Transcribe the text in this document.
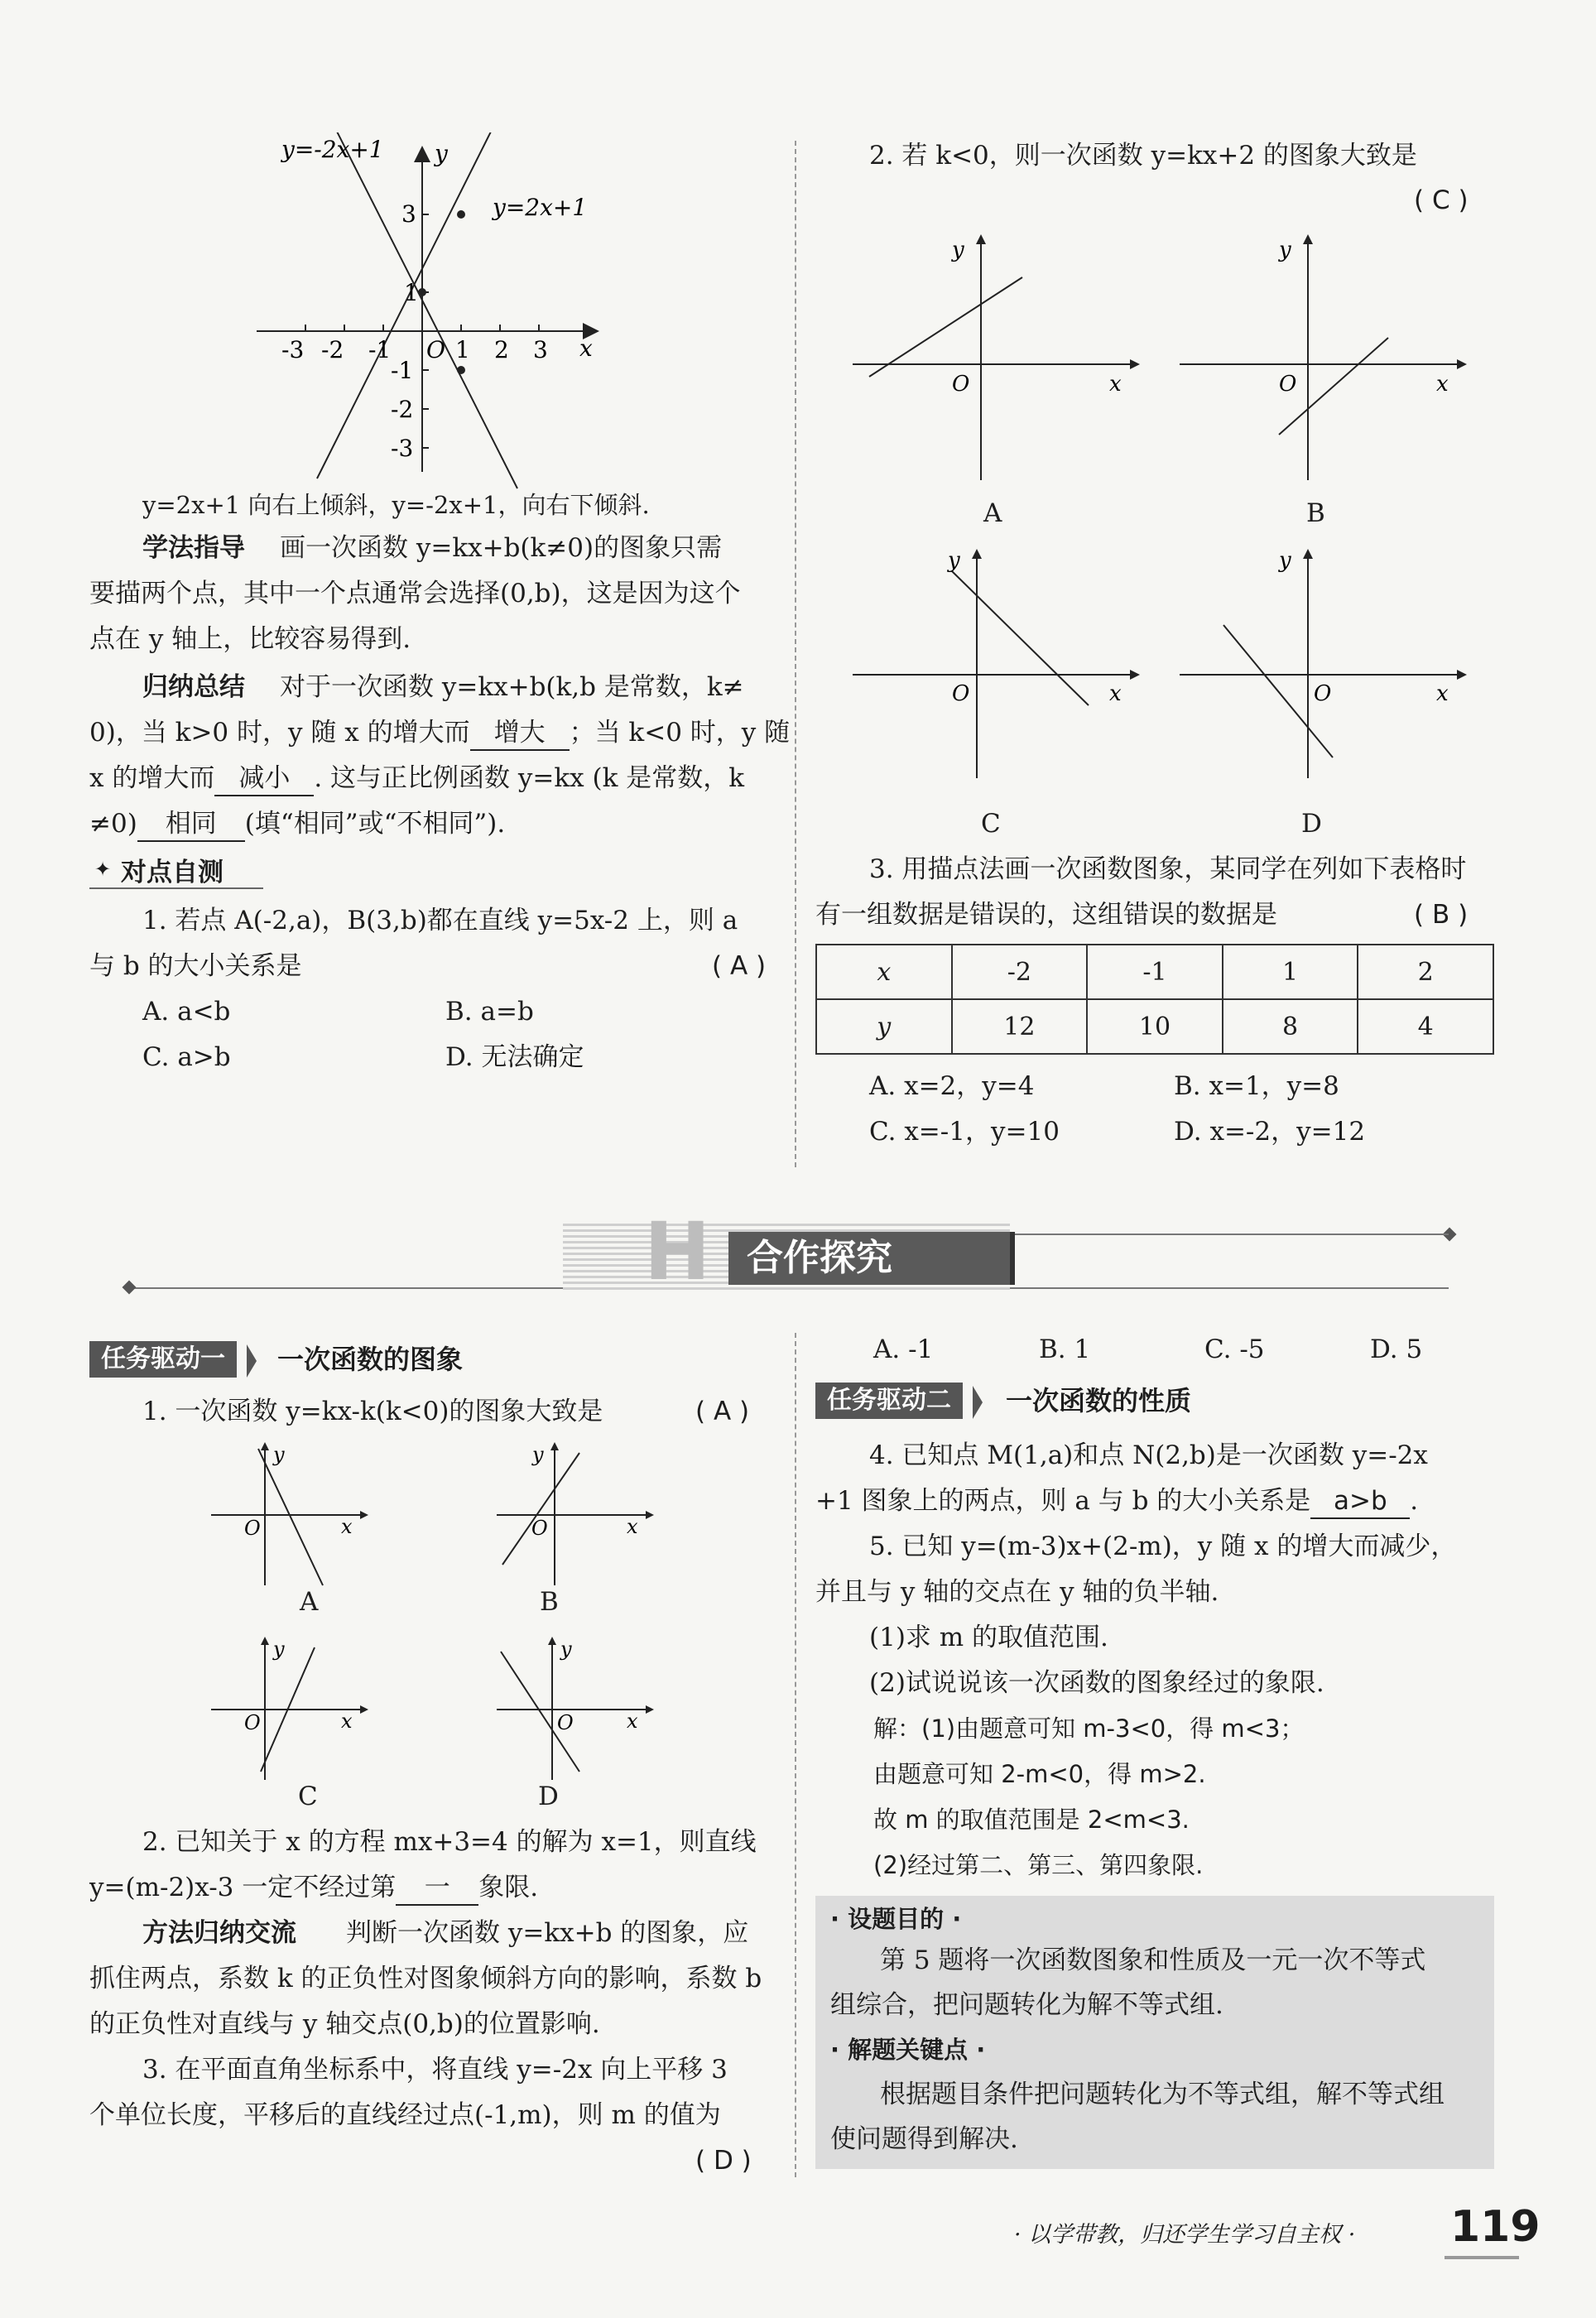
y=-2x+1
y=2x+1
y
x
O
-3 -2 -1	1 2 3
3
1
-1
-2
-3
y=2x+1 向右上倾斜，y=-2x+1，向右下倾斜.
学法指导 画一次函数 y=kx+b(k≠0)的图象只需
要描两个点，其中一个点通常会选择(0,b)，这是因为这个
点在 y 轴上，比较容易得到.
归纳总结 对于一次函数 y=kx+b(k,b 是常数，k≠
0)，当 k>0 时，y 随 x 的增大而 增大 ；当 k<0 时，y 随
x 的增大而 减小 . 这与正比例函数 y=kx (k 是常数，k
≠0) 相同 (填“相同”或“不相同”).
✦ 对点自测
1. 若点 A(-2,a)，B(3,b)都在直线 y=5x-2 上，则 a
与 b 的大小关系是	( A )
A. a<b	B. a=b
C. a>b	D. 无法确定
2. 若 k<0，则一次函数 y=kx+2 的图象大致是
( C )
y
x
O
A
y
x
O
B
y
x
O
C
y
x
O
D
3. 用描点法画一次函数图象，某同学在列如下表格时
有一组数据是错误的，这组错误的数据是	( B )
x	-2	-1	1	2
y	12	10	8	4
A. x=2，y=4	B. x=1，y=8
C. x=-1，y=10	D. x=-2，y=12
H 合作探究
任务驱动一	一次函数的图象
1. 一次函数 y=kx-k(k<0)的图象大致是	( A )
y
x
O
A
y
x
O
B
y
x
O
C
y
x
O
D
2. 已知关于 x 的方程 mx+3=4 的解为 x=1，则直线
y=(m-2)x-3 一定不经过第 一 象限.
方法归纳交流 判断一次函数 y=kx+b 的图象，应
抓住两点，系数 k 的正负性对图象倾斜方向的影响，系数 b
的正负性对直线与 y 轴交点(0,b)的位置影响.
3. 在平面直角坐标系中，将直线 y=-2x 向上平移 3
个单位长度，平移后的直线经过点(-1,m)，则 m 的值为
( D )
A. -1	B. 1	C. -5	D. 5
任务驱动二	一次函数的性质
4. 已知点 M(1,a)和点 N(2,b)是一次函数 y=-2x
+1 图象上的两点，则 a 与 b 的大小关系是 a>b .
5. 已知 y=(m-3)x+(2-m)，y 随 x 的增大而减少，
并且与 y 轴的交点在 y 轴的负半轴.
(1)求 m 的取值范围.
(2)试说说该一次函数的图象经过的象限.
解：(1)由题意可知 m-3<0，得 m<3；
由题意可知 2-m<0，得 m>2.
故 m 的取值范围是 2<m<3.
(2)经过第二、第三、第四象限.
· 设题目的 ·
第 5 题将一次函数图象和性质及一元一次不等式
组综合，把问题转化为解不等式组.
· 解题关键点 ·
根据题目条件把问题转化为不等式组，解不等式组
使问题得到解决.
· 以学带教，归还学生学习自主权 · 119
